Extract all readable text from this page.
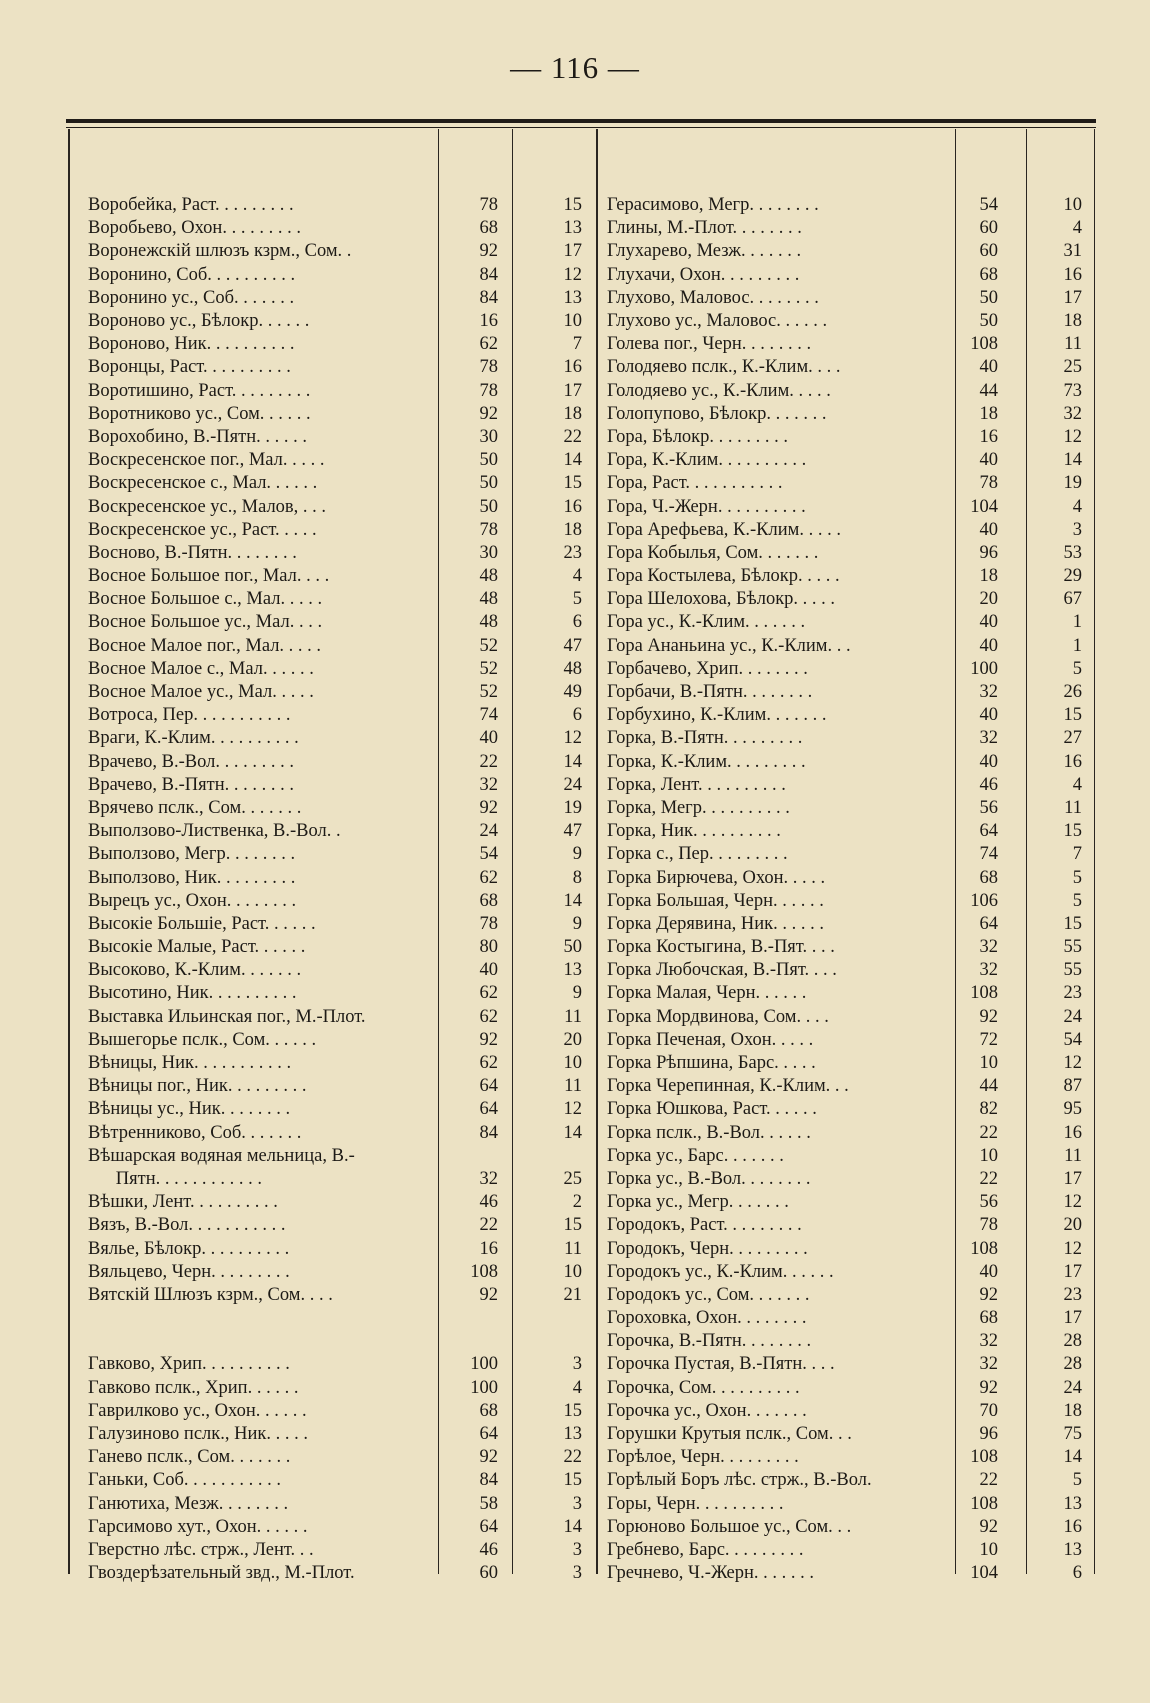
— 116 —
Воробейка, Раст. . . . . . . . .	78	15
Воробьево, Охон. . . . . . . . .	68	13
Воронежскій шлюзъ кзрм., Сом. .	92	17
Воронино, Соб. . . . . . . . . .	84	12
Воронино ус., Соб. . . . . . .	84	13
Вороново ус., Бѣлокр. . . . . .	16	10
Вороново, Ник. . . . . . . . . .	62	7
Воронцы, Раст. . . . . . . . . .	78	16
Воротишино, Раст. . . . . . . . .	78	17
Воротниково ус., Сом. . . . . .	92	18
Ворохобино, В.-Пятн. . . . . .	30	22
Воскресенское пог., Мал. . . . .	50	14
Воскресенское с., Мал. . . . . .	50	15
Воскресенское ус., Малов, . . .	50	16
Воскресенское ус., Раст. . . . .	78	18
Восново, В.-Пятн. . . . . . . .	30	23
Восное Большое пог., Мал. . . .	48	4
Восное Большое с., Мал. . . . .	48	5
Восное Большое ус., Мал. . . .	48	6
Восное Малое пог., Мал. . . . .	52	47
Восное Малое с., Мал. . . . . .	52	48
Восное Малое ус., Мал. . . . .	52	49
Вотроса, Пер. . . . . . . . . . .	74	6
Враги, К.-Клим. . . . . . . . . .	40	12
Врачево, В.-Вол. . . . . . . . .	22	14
Врачево, В.-Пятн. . . . . . . .	32	24
Врячево пслк., Сом. . . . . . .	92	19
Выползово-Лиственка, В.-Вол. .	24	47
Выползово, Мегр. . . . . . . .	54	9
Выползово, Ник. . . . . . . . .	62	8
Вырецъ ус., Охон. . . . . . . .	68	14
Высокіе Большіе, Раст. . . . . .	78	9
Высокіе Малые, Раст. . . . . .	80	50
Высоково, К.-Клим. . . . . . .	40	13
Высотино, Ник. . . . . . . . . .	62	9
Выставка Ильинская пог., М.-Плот.	62	11
Вышегорье пслк., Сом. . . . . .	92	20
Вѣницы, Ник. . . . . . . . . . .	62	10
Вѣницы пог., Ник. . . . . . . . .	64	11
Вѣницы ус., Ник. . . . . . . .	64	12
Вѣтренниково, Соб. . . . . . .	84	14
Вѣшарская водяная мельница, В.-
Пятн. . . . . . . . . . . .	32	25
Вѣшки, Лент. . . . . . . . . .	46	2
Вязъ, В.-Вол. . . . . . . . . . .	22	15
Вялье, Бѣлокр. . . . . . . . . .	16	11
Вяльцево, Черн. . . . . . . . .	108	10
Вятскій Шлюзъ кзрм., Сом. . . .	92	21
Гавково, Хрип. . . . . . . . . .	100	3
Гавково пслк., Хрип. . . . . .	100	4
Гаврилково ус., Охон. . . . . .	68	15
Галузиново пслк., Ник. . . . .	64	13
Ганево пслк., Сом. . . . . . .	92	22
Ганьки, Соб. . . . . . . . . . .	84	15
Ганютиха, Мезж. . . . . . . .	58	3
Гарсимово хут., Охон. . . . . .	64	14
Гверстно лѣс. стрж., Лент. . .	46	3
Гвоздерѣзательный звд., М.-Плот.	60	3
Герасимово, Мегр. . . . . . . .	54	10
Глины, М.-Плот. . . . . . . .	60	4
Глухарево, Мезж. . . . . . .	60	31
Глухачи, Охон. . . . . . . . .	68	16
Глухово, Маловос. . . . . . . .	50	17
Глухово ус., Маловос. . . . . .	50	18
Голева пог., Черн. . . . . . . .	108	11
Голодяево пслк., К.-Клим. . . .	40	25
Голодяево ус., К.-Клим. . . . .	44	73
Голопупово, Бѣлокр. . . . . . .	18	32
Гора, Бѣлокр. . . . . . . . .	16	12
Гора, К.-Клим. . . . . . . . . .	40	14
Гора, Раст. . . . . . . . . . .	78	19
Гора, Ч.-Жерн. . . . . . . . . .	104	4
Гора Арефьева, К.-Клим. . . . .	40	3
Гора Кобылья, Сом. . . . . . .	96	53
Гора Костылева, Бѣлокр. . . . .	18	29
Гора Шелохова, Бѣлокр. . . . .	20	67
Гора ус., К.-Клим. . . . . . .	40	1
Гора Ананьина ус., К.-Клим. . .	40	1
Горбачево, Хрип. . . . . . . .	100	5
Горбачи, В.-Пятн. . . . . . . .	32	26
Горбухино, К.-Клим. . . . . . .	40	15
Горка, В.-Пятн. . . . . . . . .	32	27
Горка, К.-Клим. . . . . . . . .	40	16
Горка, Лент. . . . . . . . . .	46	4
Горка, Мегр. . . . . . . . . .	56	11
Горка, Ник. . . . . . . . . .	64	15
Горка с., Пер. . . . . . . . .	74	7
Горка Бирючева, Охон. . . . .	68	5
Горка Большая, Черн. . . . . .	106	5
Горка Дерявина, Ник. . . . . .	64	15
Горка Костыгина, В.-Пят. . . .	32	55
Горка Любочская, В.-Пят. . . .	32	55
Горка Малая, Черн. . . . . .	108	23
Горка Мордвинова, Сом. . . .	92	24
Горка Печеная, Охон. . . . .	72	54
Горка Рѣпшина, Барс. . . . .	10	12
Горка Черепинная, К.-Клим. . .	44	87
Горка Юшкова, Раст. . . . . .	82	95
Горка пслк., В.-Вол. . . . . .	22	16
Горка ус., Барс. . . . . . .	10	11
Горка ус., В.-Вол. . . . . . . .	22	17
Горка ус., Мегр. . . . . . .	56	12
Городокъ, Раст. . . . . . . . .	78	20
Городокъ, Черн. . . . . . . . .	108	12
Городокъ ус., К.-Клим. . . . . .	40	17
Городокъ ус., Сом. . . . . . .	92	23
Гороховка, Охон. . . . . . . .	68	17
Горочка, В.-Пятн. . . . . . . .	32	28
Горочка Пустая, В.-Пятн. . . .	32	28
Горочка, Сом. . . . . . . . . .	92	24
Горочка ус., Охон. . . . . . .	70	18
Горушки Крутыя пслк., Сом. . .	96	75
Горѣлое, Черн. . . . . . . . .	108	14
Горѣлый Боръ лѣс. стрж., В.-Вол.	22	5
Горы, Черн. . . . . . . . . .	108	13
Горюново Большое ус., Сом. . .	92	16
Гребнево, Барс. . . . . . . . .	10	13
Гречнево, Ч.-Жерн. . . . . . .	104	6
